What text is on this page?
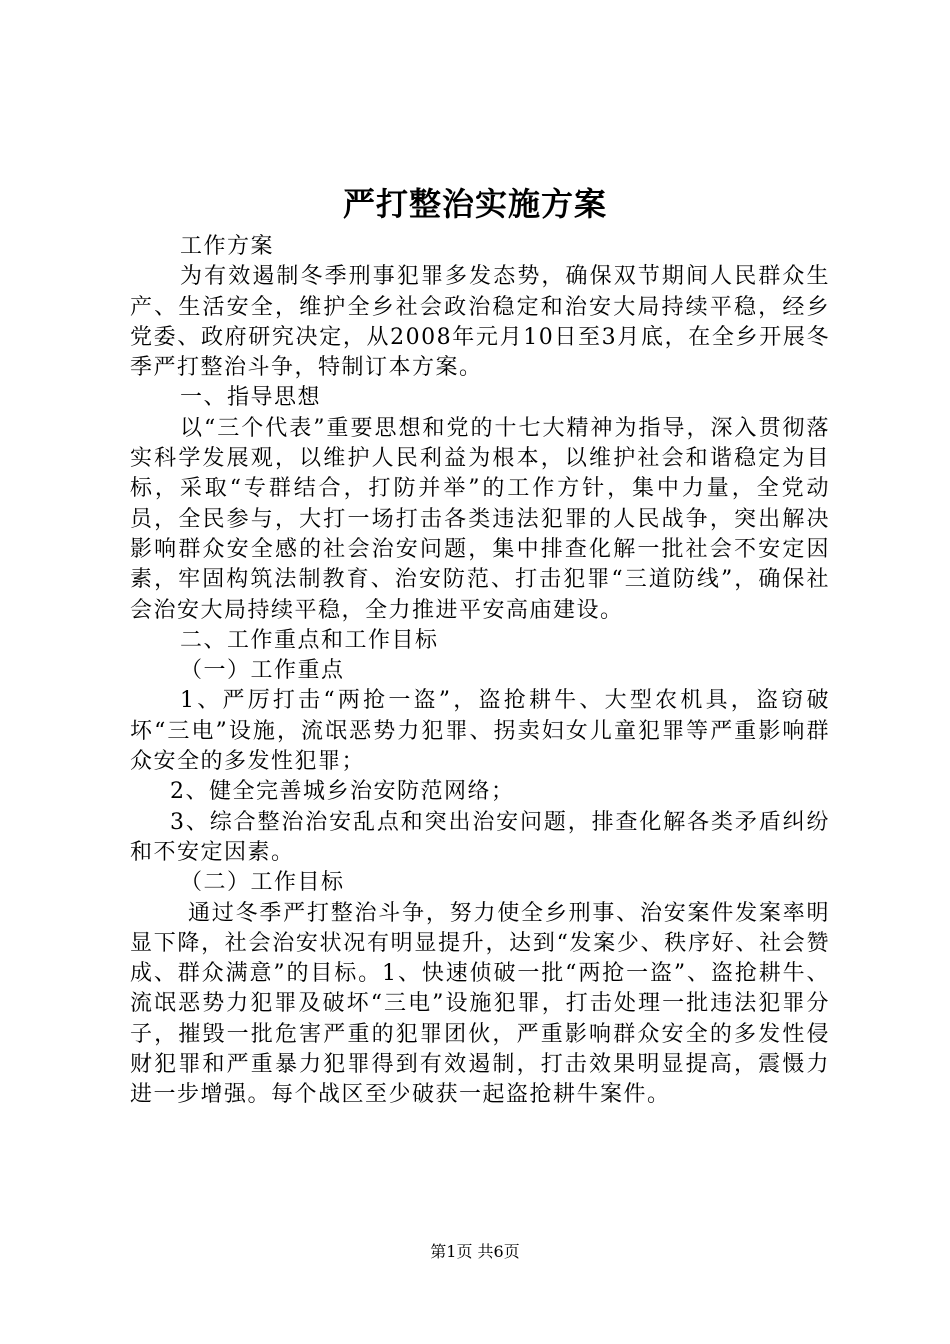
严打整治实施方案

工作方案

为有效遏制冬季刑事犯罪多发态势，确保双节期间人民群众生产、生活安全，维护全乡社会政治稳定和治安大局持续平稳，经乡党委、政府研究决定，从2008年元月10日至3月底，在全乡开展冬季严打整治斗争，特制订本方案。

一、指导思想

以“三个代表”重要思想和党的十七大精神为指导，深入贯彻落实科学发展观，以维护人民利益为根本，以维护社会和谐稳定为目标，采取“专群结合，打防并举”的工作方针，集中力量，全党动员，全民参与，大打一场打击各类违法犯罪的人民战争，突出解决影响群众安全感的社会治安问题，集中排查化解一批社会不安定因素，牢固构筑法制教育、治安防范、打击犯罪“三道防线”，确保社会治安大局持续平稳，全力推进平安高庙建设。

二、工作重点和工作目标

（一）工作重点

1、严厉打击“两抢一盗”，盗抢耕牛、大型农机具，盗窃破坏“三电”设施，流氓恶势力犯罪、拐卖妇女儿童犯罪等严重影响群众安全的多发性犯罪；

2、健全完善城乡治安防范网络；

3、综合整治治安乱点和突出治安问题，排查化解各类矛盾纠纷和不安定因素。

（二）工作目标

通过冬季严打整治斗争，努力使全乡刑事、治安案件发案率明显下降，社会治安状况有明显提升，达到“发案少、秩序好、社会赞成、群众满意”的目标。1、快速侦破一批“两抢一盗”、盗抢耕牛、流氓恶势力犯罪及破坏“三电”设施犯罪，打击处理一批违法犯罪分子，摧毁一批危害严重的犯罪团伙，严重影响群众安全的多发性侵财犯罪和严重暴力犯罪得到有效遏制，打击效果明显提高，震慑力进一步增强。每个战区至少破获一起盗抢耕牛案件。

第1页 共6页
